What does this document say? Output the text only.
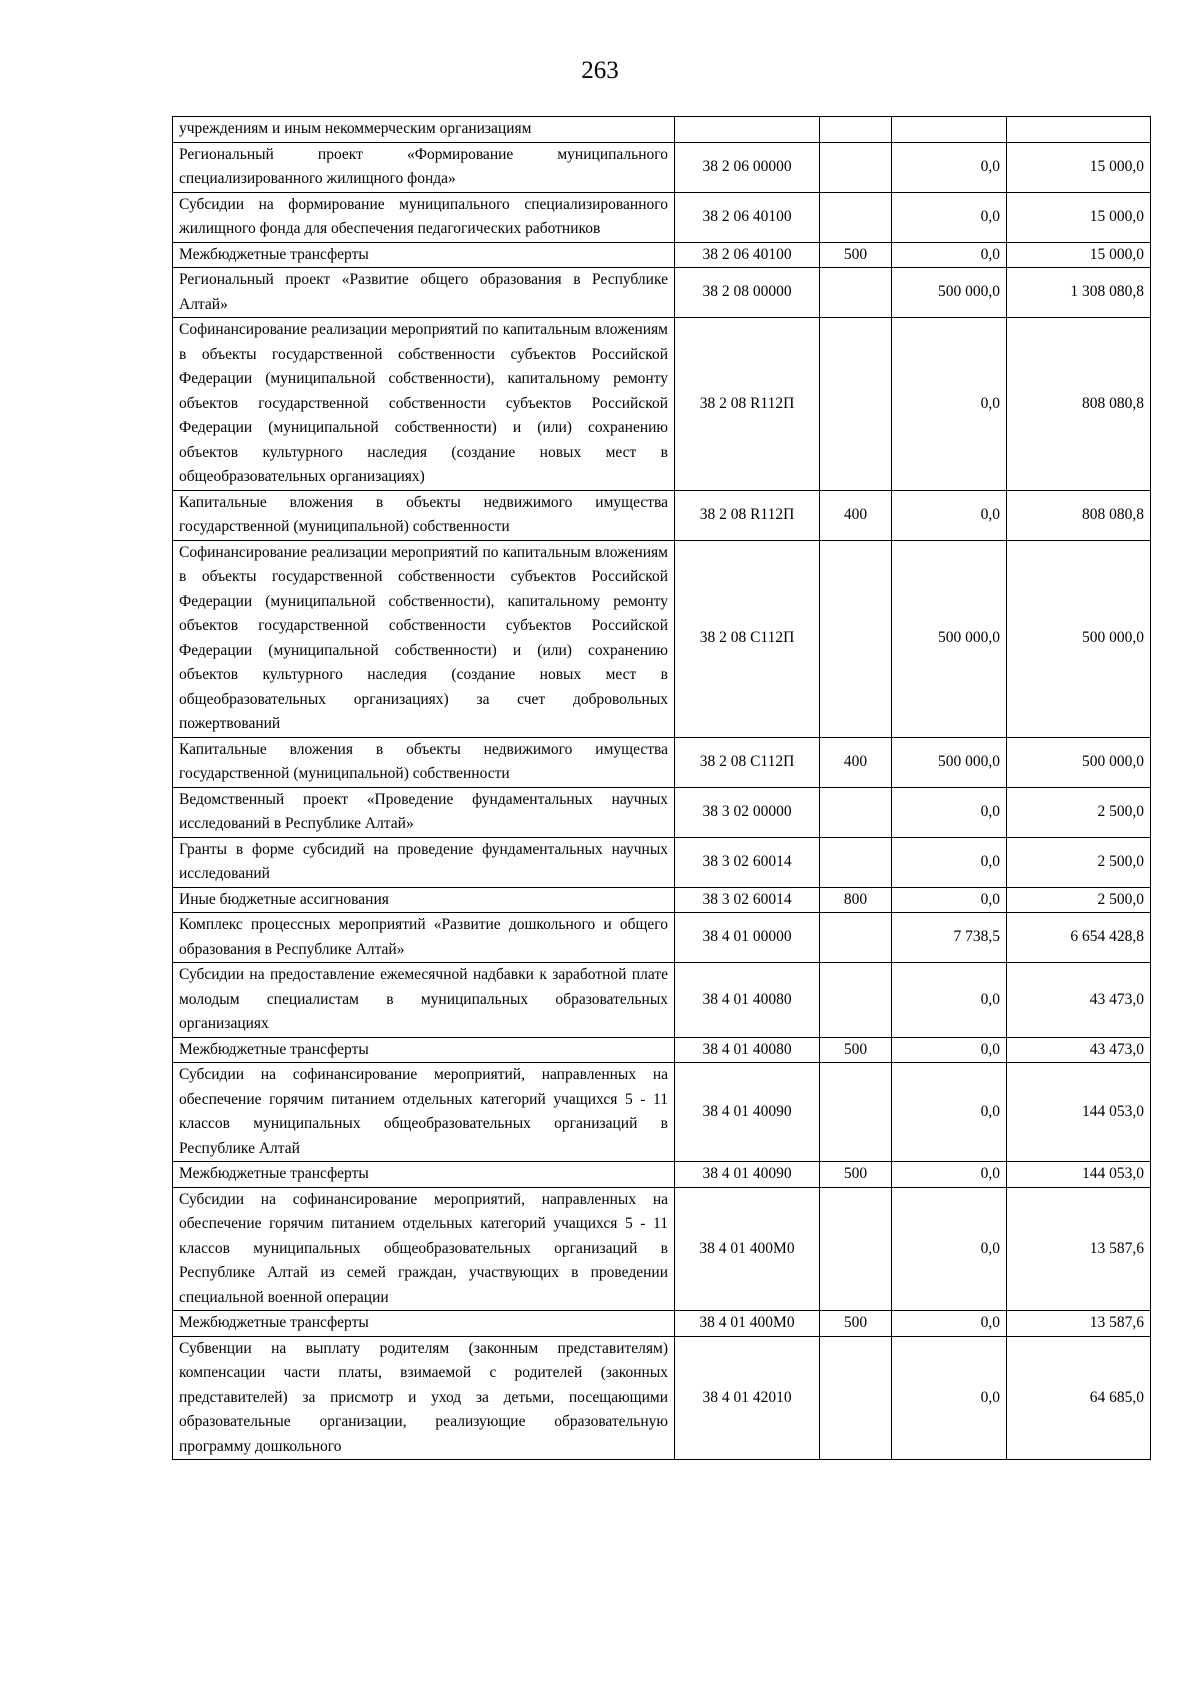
263
учреждениям и иным некоммерческим организациям				
Региональный проект «Формирование муниципального специализированного жилищного фонда»	38 2 06 00000		0,0	15 000,0
Субсидии на формирование муниципального специализированного жилищного фонда для обеспечения педагогических работников	38 2 06 40100		0,0	15 000,0
Межбюджетные трансферты	38 2 06 40100	500	0,0	15 000,0
Региональный проект «Развитие общего образования в Республике Алтай»	38 2 08 00000		500 000,0	1 308 080,8
Софинансирование реализации мероприятий по капитальным вложениям в объекты государственной собственности субъектов Российской Федерации (муниципальной собственности), капитальному ремонту объектов государственной собственности субъектов Российской Федерации (муниципальной собственности) и (или) сохранению объектов культурного наследия (создание новых мест в общеобразовательных организациях)	38 2 08 R112П		0,0	808 080,8
Капитальные вложения в объекты недвижимого имущества государственной (муниципальной) собственности	38 2 08 R112П	400	0,0	808 080,8
Софинансирование реализации мероприятий по капитальным вложениям в объекты государственной собственности субъектов Российской Федерации (муниципальной собственности), капитальному ремонту объектов государственной собственности субъектов Российской Федерации (муниципальной собственности) и (или) сохранению объектов культурного наследия (создание новых мест в общеобразовательных организациях) за счет добровольных пожертвований	38 2 08 С112П		500 000,0	500 000,0
Капитальные вложения в объекты недвижимого имущества государственной (муниципальной) собственности	38 2 08 С112П	400	500 000,0	500 000,0
Ведомственный проект «Проведение фундаментальных научных исследований в Республике Алтай»	38 3 02 00000		0,0	2 500,0
Гранты в форме субсидий на проведение фундаментальных научных исследований	38 3 02 60014		0,0	2 500,0
Иные бюджетные ассигнования	38 3 02 60014	800	0,0	2 500,0
Комплекс процессных мероприятий «Развитие дошкольного и общего образования в Республике Алтай»	38 4 01 00000		7 738,5	6 654 428,8
Субсидии на предоставление ежемесячной надбавки к заработной плате молодым специалистам в муниципальных образовательных организациях	38 4 01 40080		0,0	43 473,0
Межбюджетные трансферты	38 4 01 40080	500	0,0	43 473,0
Субсидии на софинансирование мероприятий, направленных на обеспечение горячим питанием отдельных категорий учащихся 5 - 11 классов муниципальных общеобразовательных организаций в Республике Алтай	38 4 01 40090		0,0	144 053,0
Межбюджетные трансферты	38 4 01 40090	500	0,0	144 053,0
Субсидии на софинансирование мероприятий, направленных на обеспечение горячим питанием отдельных категорий учащихся 5 - 11 классов муниципальных общеобразовательных организаций в Республике Алтай из семей граждан, участвующих в проведении специальной военной операции	38 4 01 400М0		0,0	13 587,6
Межбюджетные трансферты	38 4 01 400М0	500	0,0	13 587,6
Субвенции на выплату родителям (законным представителям) компенсации части платы, взимаемой с родителей (законных представителей) за присмотр и уход за детьми, посещающими образовательные организации, реализующие образовательную программу дошкольного	38 4 01 42010		0,0	64 685,0
